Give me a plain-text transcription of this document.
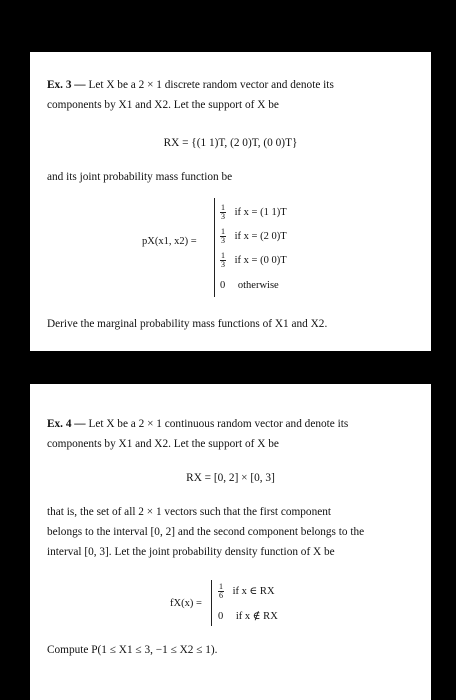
Ex. 3 — Let X be a 2 × 1 discrete random vector and denote its
components by X1 and X2. Let the support of X be

RX = {(1 1)T, (2 0)T, (0 0)T}

and its joint probability mass function be

pX(x1, x2) =
$\frac{1}{3}$ if x = (1 1)T
$\frac{1}{3}$ if x = (2 0)T
$\frac{1}{3}$ if x = (0 0)T
0 otherwise

Derive the marginal probability mass functions of X1 and X2.

Ex. 4 — Let X be a 2 × 1 continuous random vector and denote its
components by X1 and X2. Let the support of X be

RX = [0, 2] × [0, 3]

that is, the set of all 2 × 1 vectors such that the first component
belongs to the interval [0, 2] and the second component belongs to the
interval [0, 3]. Let the joint probability density function of X be

fX(x) =
$\frac{1}{6}$ if x ∈ RX
0 if x ∉ RX

Compute P(1 ≤ X1 ≤ 3, −1 ≤ X2 ≤ 1).
